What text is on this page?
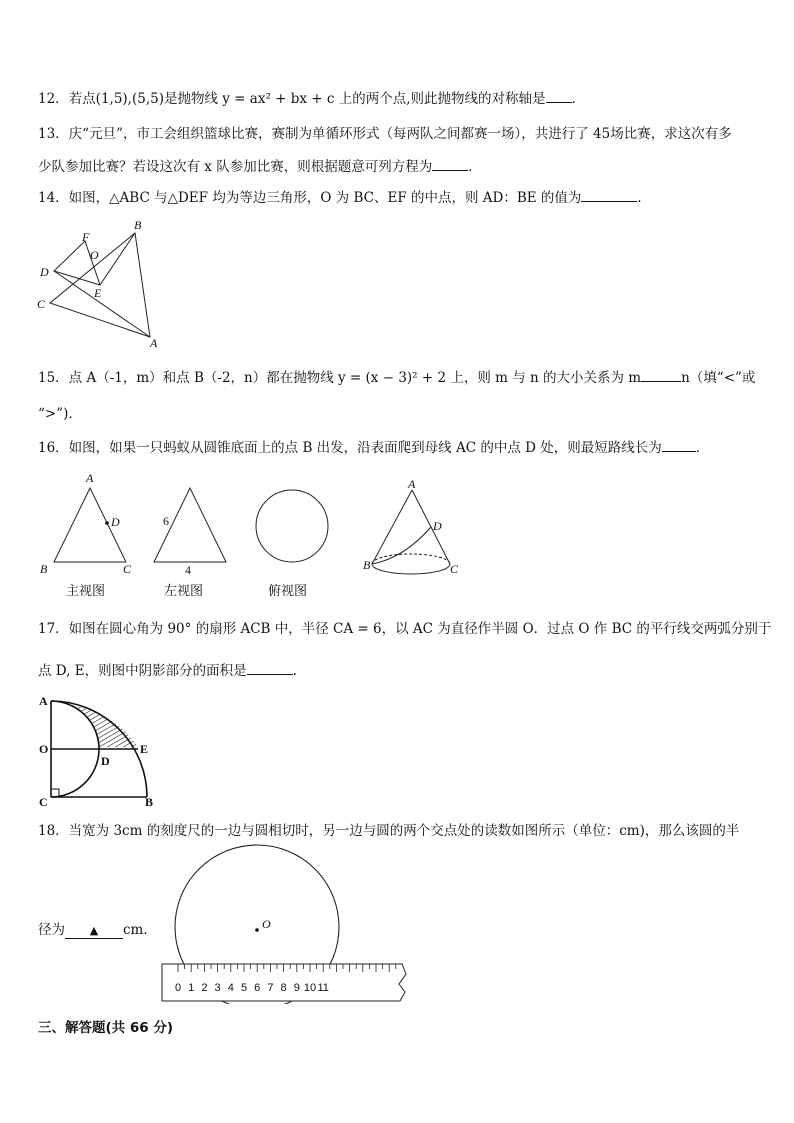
12．若点(1,5),(5,5)是抛物线 y = ax² + bx + c 上的两个点,则此抛物线的对称轴是 ．
13．庆“元旦”，市工会组织篮球比赛，赛制为单循环形式（每两队之间都赛一场），共进行了 45场比赛，求这次有多
少队参加比赛？若设这次有 x 队参加比赛，则根据题意可列方程为	．
14．如图，△ABC 与△DEF 均为等边三角形，O 为 BC、EF 的中点，则 AD：BE 的值为	．
B
F
O
D
E
C
A
15．点 A（-1，m）和点 B（-2，n）都在抛物线 y = (x − 3)² + 2 上，则 m 与 n 的大小关系为 m	n（填“<”或
“>”)．
16．如图，如果一只蚂蚁从圆锥底面上的点 B 出发，沿表面爬到母线 AC 的中点 D 处，则最短路线长为	．
A
D
B	C
6
4
A
D
B	C
主视图	左视图	俯视图
17．如图在圆心角为 90° 的扇形 ACB 中，半径 CA = 6，以 AC 为直径作半圆 O．过点 O 作 BC 的平行线交两弧分别于
点 D, E，则图中阴影部分的面积是	.
A
O
C
D
E
B
18．当宽为 3cm 的刻度尺的一边与圆相切时，另一边与圆的两个交点处的读数如图所示（单位：cm)，那么该圆的半
径为 ▲ cm．	O
0 1 2 3 4 5 6 7 8 9 10 11
三、解答题(共 66 分)
